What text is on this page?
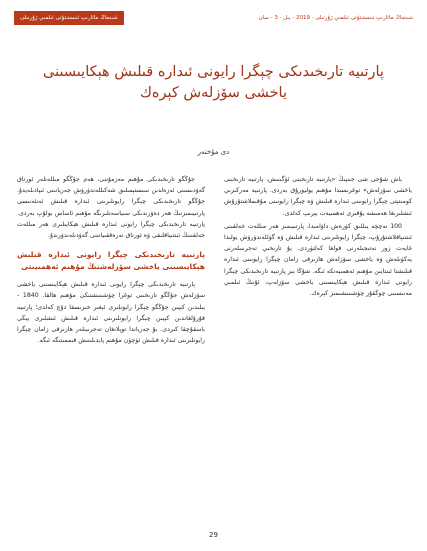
شىنجاڭ مائارىپ ئىنستىتۇتى ئىلمىي ژۇرنىلى	شىنجاڭ مائارىپ ئىنستىتۇتى ئىلمىي ژۇرنىلى · 2019 - يىل · 3 - سان
پارتىيە تارىخىدىكى چېگرا رايونى ئىدارە قىلىش ھېكايىسىنى
ياخشى سۆزلەش كېرەك
دى مۇختەر

باش شۇجى شى جىنپىڭ «پارتىيە تارىخىنى ئۆگىنىش، پارتىيە تارىخىنى ياخشى سۆزلەش» توغرىسىدا مۇھىم يوليورۇق بەردى. پارتىيە مەركىزىي كومىتېتى چېگرا رايونىنى ئىدارە قىلىش ۋە چېگرا رايونىنى مۇقىملاشتۇرۇش ئىشلىرىغا ھەمىشە يۇقىرى ئەھمىيەت بېرىپ كەلدى.

100 نەچچە يىللىق كۈرەش داۋامىدا، پارتىيىمىز ھەر مىللەت خەلقىنى ئىتتىپاقلاشتۇرۇپ، چېگرا رايونلىرىنى ئىدارە قىلىش ۋە گۈللەندۈرۈش يولىدا غايەت زور نەتىجىلەرنى قولغا كەلتۈردى. بۇ تارىخىي تەجرىبىلەرنى يەكۈنلەش ۋە ياخشى سۆزلەش ھازىرقى زامان چېگرا رايونىنى ئىدارە قىلىشتا ئىنتايىن مۇھىم ئەھمىيەتكە ئىگە. شۇڭا بىز پارتىيە تارىخىدىكى چېگرا رايونى ئىدارە قىلىش ھېكايىسىنى ياخشى سۆزلەپ، ئۇنىڭ ئىلمىي مەنىسىنى چوڭقۇر چۈشىنىشىمىز كېرەك.

جۇڭگو تارىخىدىكى مۇھىم مەزمۇننى، ھەم جۇڭگو مىللەتلەر ئورتاق گەۋدىسىنى ئەزەلدىن سىستېمىلىق شەكىللەندۈرۈش جەريانىنى ئىپادىلەيدۇ. جۇڭگو تارىخىدىكى چېگرا رايونلىرىنى ئىدارە قىلىش ئەنئەنىسى پارتىيىمىزنىڭ ھەر دەۋرىدىكى سىياسەتلىرىگە مۇھىم ئاساس بولۇپ بەردى. پارتىيە تارىخىدىكى چېگرا رايونى ئىدارە قىلىش ھېكايىلىرى ھەر مىللەت خەلقىنىڭ ئىتتىپاقلىقى ۋە ئورتاق تەرەققىياتىنى گەۋدىلەندۈرىدۇ.

پارتىيە تارىخىدىكى چېگرا رايونى ئىدارە قىلىش ھېكايىسىنى ياخشى سۆزلەشنىڭ مۇھىم ئەھمىيىتى

پارتىيە تارىخىدىكى چېگرا رايونى ئىدارە قىلىش ھېكايىسىنى ياخشى سۆزلەش جۇڭگو تارىخىنى توغرا چۈشىنىشتىكى مۇھىم ھالقا. 1840 - يىلىدىن كېيىن جۇڭگو چېگرا رايونلىرى ئېغىر خىرىسقا دۇچ كەلدى؛ پارتىيە قۇرۇلغاندىن كېيىن چېگرا رايونلىرىنى ئىدارە قىلىش ئىشلىرى يېڭى باسقۇچقا كىردى. بۇ جەرياندا توپلانغان تەجرىبىلەر ھازىرقى زامان چېگرا رايونلىرىنى ئىدارە قىلىش ئۈچۈن مۇھىم پايدىلىنىش قىممىتىگە ئىگە.

29
